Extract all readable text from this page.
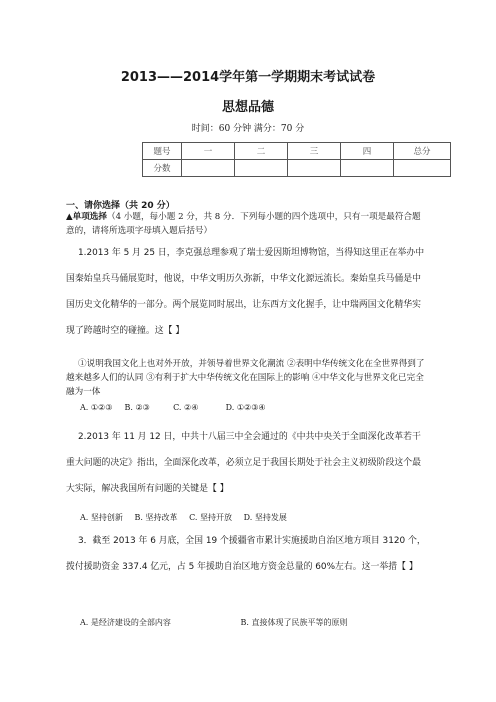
2013——2014学年第一学期期末考试试卷
思想品德
时间：60 分钟 满分：70 分
题号	一	二	三	四	总分
分数					
一、请你选择（共 20 分）
▲单项选择（4 小题，每小题 2 分，共 8 分．下列每小题的四个选项中，只有一项是最符合题意的，请将所选项字母填入题后括号）
1.2013 年 5 月 25 日，李克强总理参观了瑞士爱因斯坦博物馆，当得知这里正在举办中国秦始皇兵马俑展览时，他说，中华文明历久弥新，中华文化源远流长。秦始皇兵马俑是中国历史文化精华的一部分。两个展览同时展出，让东西方文化握手，让中瑞两国文化精华实现了跨越时空的碰撞。这【 】
①说明我国文化上也对外开放，并领导着世界文化潮流 ②表明中华传统文化在全世界得到了越来越多人们的认同 ③有利于扩大中华传统文化在国际上的影响 ④中华文化与世界文化已完全融为一体
A. ①②③ B. ②③	C. ②④	D. ①②③④
2.2013 年 11 月 12 日，中共十八届三中全会通过的《中共中央关于全面深化改革若干重大问题的决定》指出，全面深化改革，必须立足于我国长期处于社会主义初级阶段这个最大实际，解决我国所有问题的关键是【 】
A. 坚持创新 B. 坚持改革 C. 坚持开放 D. 坚持发展
3．截至 2013 年 6 月底，全国 19 个援疆省市累计实施援助自治区地方项目 3120 个，拨付援助资金 337.4 亿元，占 5 年援助自治区地方资金总量的 60%左右。这一举措【 】
A. 是经济建设的全部内容	B. 直接体现了民族平等的原则
